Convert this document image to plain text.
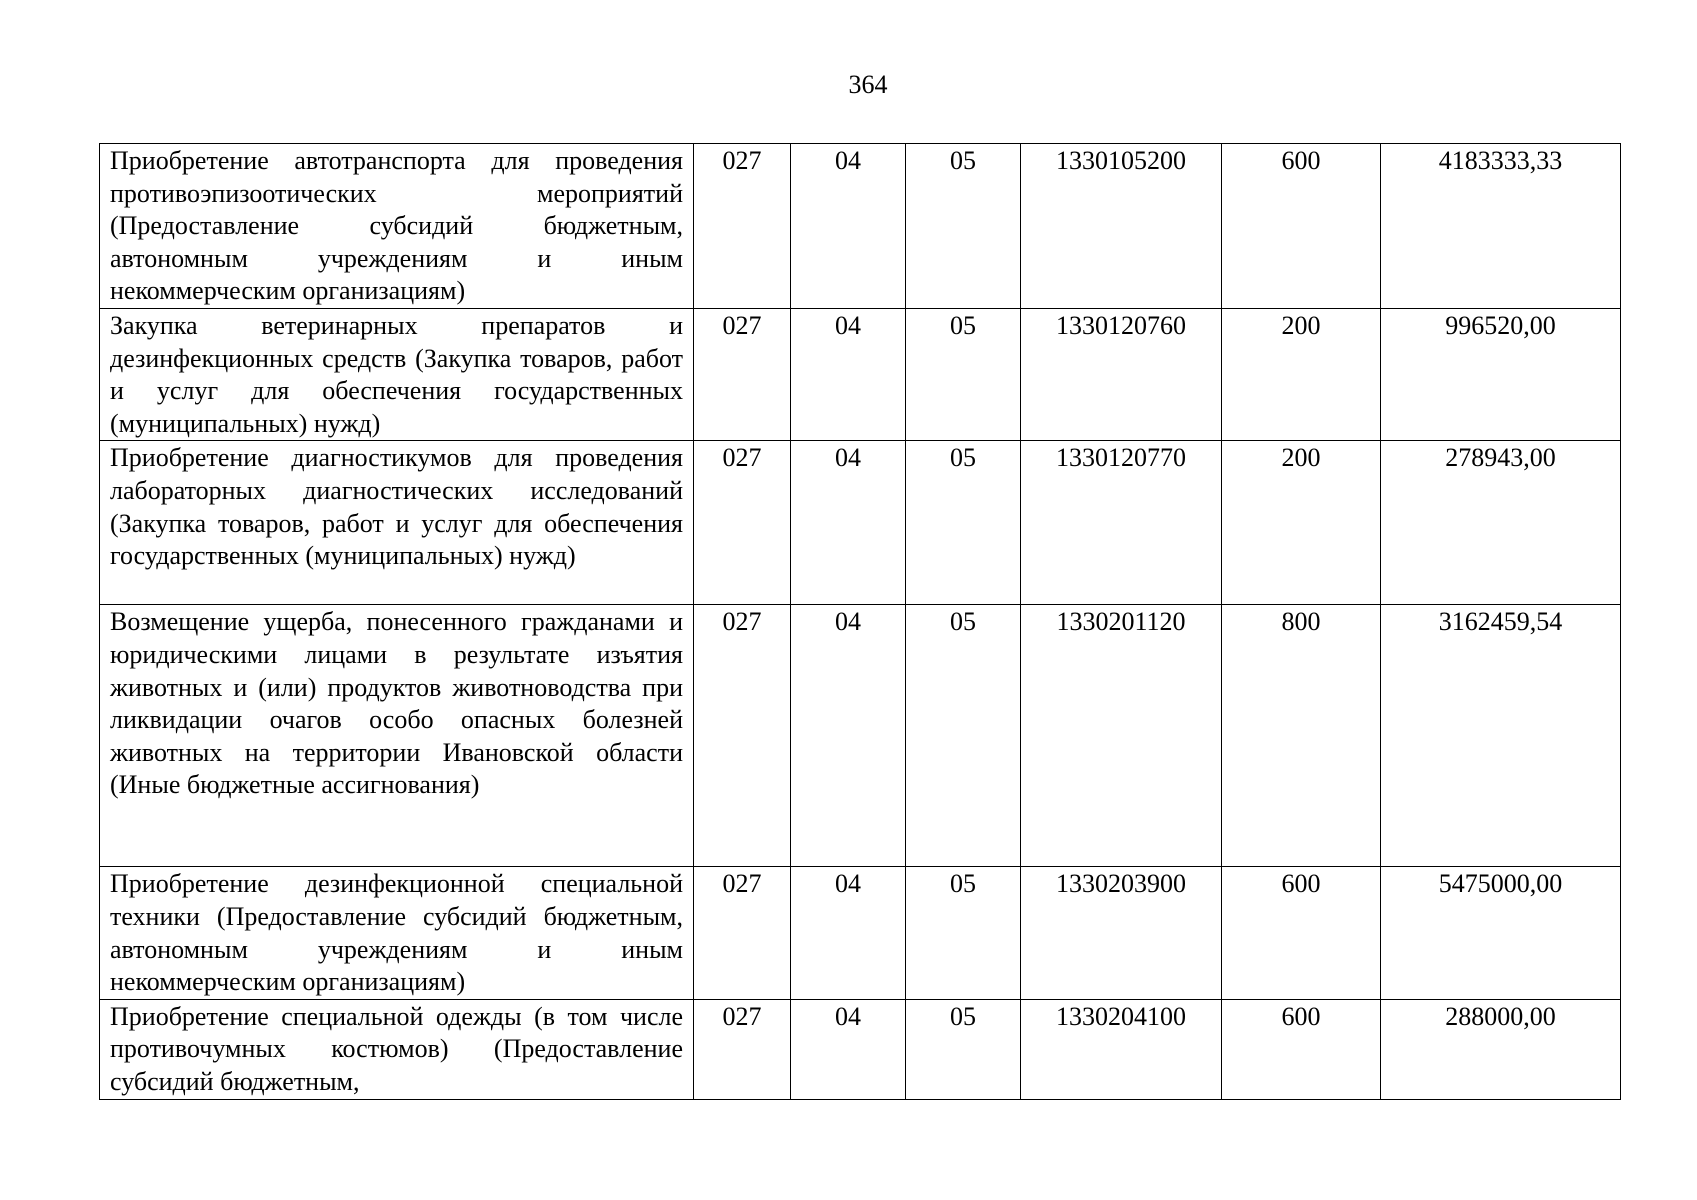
364
Приобретение автотранспорта для проведения противоэпизоотических мероприятий (Предоставление субсидий бюджетным, автономным учреждениям и иным некоммерческим организациям)	027	04	05	1330105200	600	4183333,33
Закупка ветеринарных препаратов и дезинфекционных средств (Закупка товаров, работ и услуг для обеспечения государственных (муниципальных) нужд)	027	04	05	1330120760	200	996520,00
Приобретение диагностикумов для проведения лабораторных диагностических исследований (Закупка товаров, работ и услуг для обеспечения государственных (муниципальных) нужд)	027	04	05	1330120770	200	278943,00
Возмещение ущерба, понесенного гражданами и юридическими лицами в результате изъятия животных и (или) продуктов животноводства при ликвидации очагов особо опасных болезней животных на территории Ивановской области (Иные бюджетные ассигнования)	027	04	05	1330201120	800	3162459,54
Приобретение дезинфекционной специальной техники (Предоставление субсидий бюджетным, автономным учреждениям и иным некоммерческим организациям)	027	04	05	1330203900	600	5475000,00
Приобретение специальной одежды (в том числе противочумных костюмов) (Предоставление субсидий бюджетным,	027	04	05	1330204100	600	288000,00
